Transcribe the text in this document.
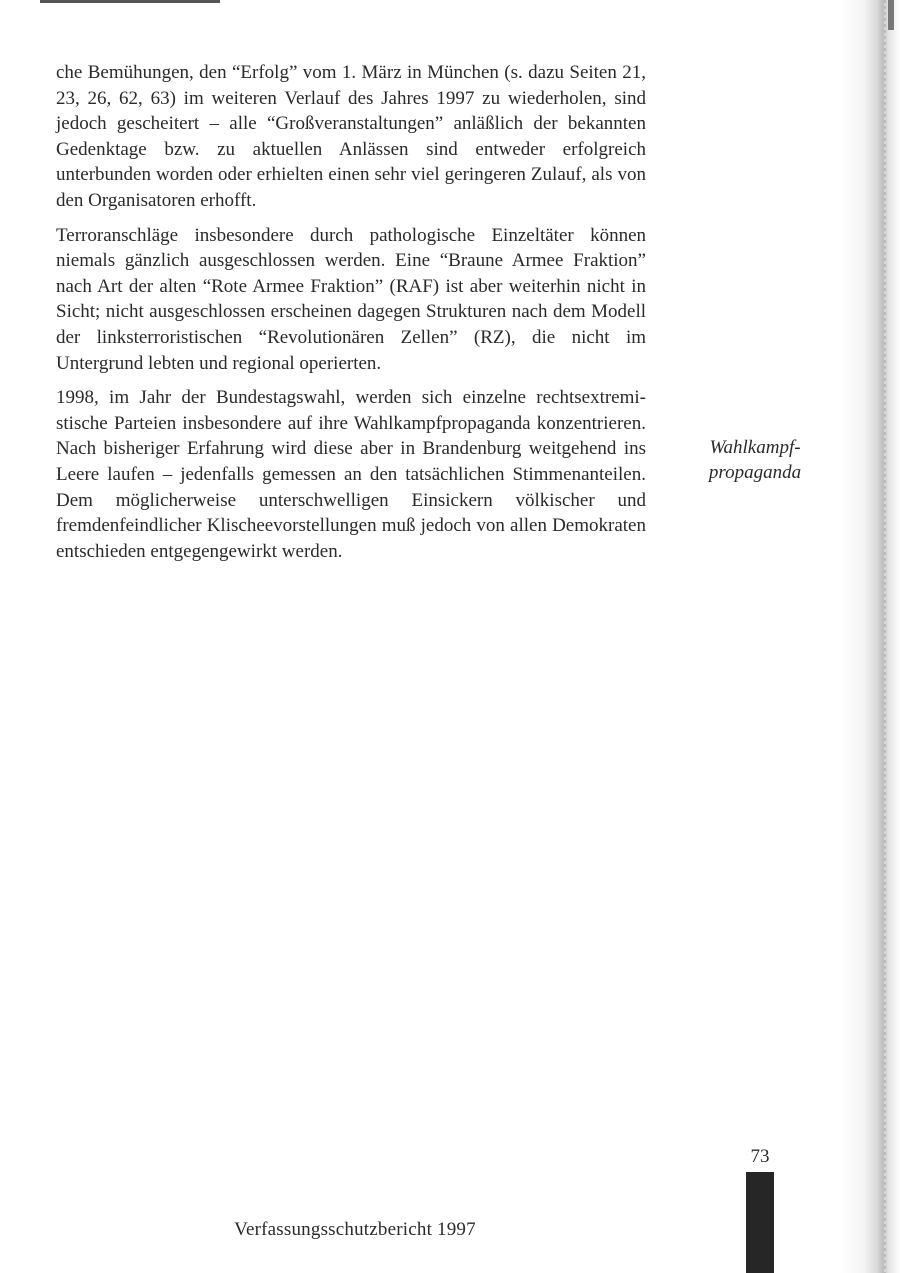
che Bemühungen, den “Erfolg” vom 1. März in München (s. dazu Seiten 21, 23, 26, 62, 63) im weiteren Verlauf des Jahres 1997 zu wiederholen, sind jedoch gescheitert – alle “Großveranstaltungen” anläßlich der bekannten Gedenktage bzw. zu aktuellen Anlässen sind entweder erfolgreich unterbunden worden oder erhielten einen sehr viel geringeren Zulauf, als von den Organisatoren erhofft.

Terroranschläge insbesondere durch pathologische Einzeltäter können niemals gänzlich ausgeschlossen werden. Eine “Braune Armee Fraktion” nach Art der alten “Rote Armee Fraktion” (RAF) ist aber weiterhin nicht in Sicht; nicht ausgeschlossen erscheinen dagegen Strukturen nach dem Modell der linksterroristischen “Revolutionären Zellen” (RZ), die nicht im Untergrund lebten und regional operierten.

1998, im Jahr der Bundestagswahl, werden sich einzelne rechtsextremistische Parteien insbesondere auf ihre Wahlkampfpropaganda konzentrieren. Nach bisheriger Erfahrung wird diese aber in Brandenburg weitgehend ins Leere laufen – jedenfalls gemessen an den tatsächlichen Stimmenanteilen. Dem möglicherweise unterschwelligen Einsickern völkischer und fremdenfeindlicher Klischeevorstellungen muß jedoch von allen Demokraten entschieden entgegengewirkt werden.

Wahlkampf-
propaganda
73
Verfassungsschutzbericht 1997
